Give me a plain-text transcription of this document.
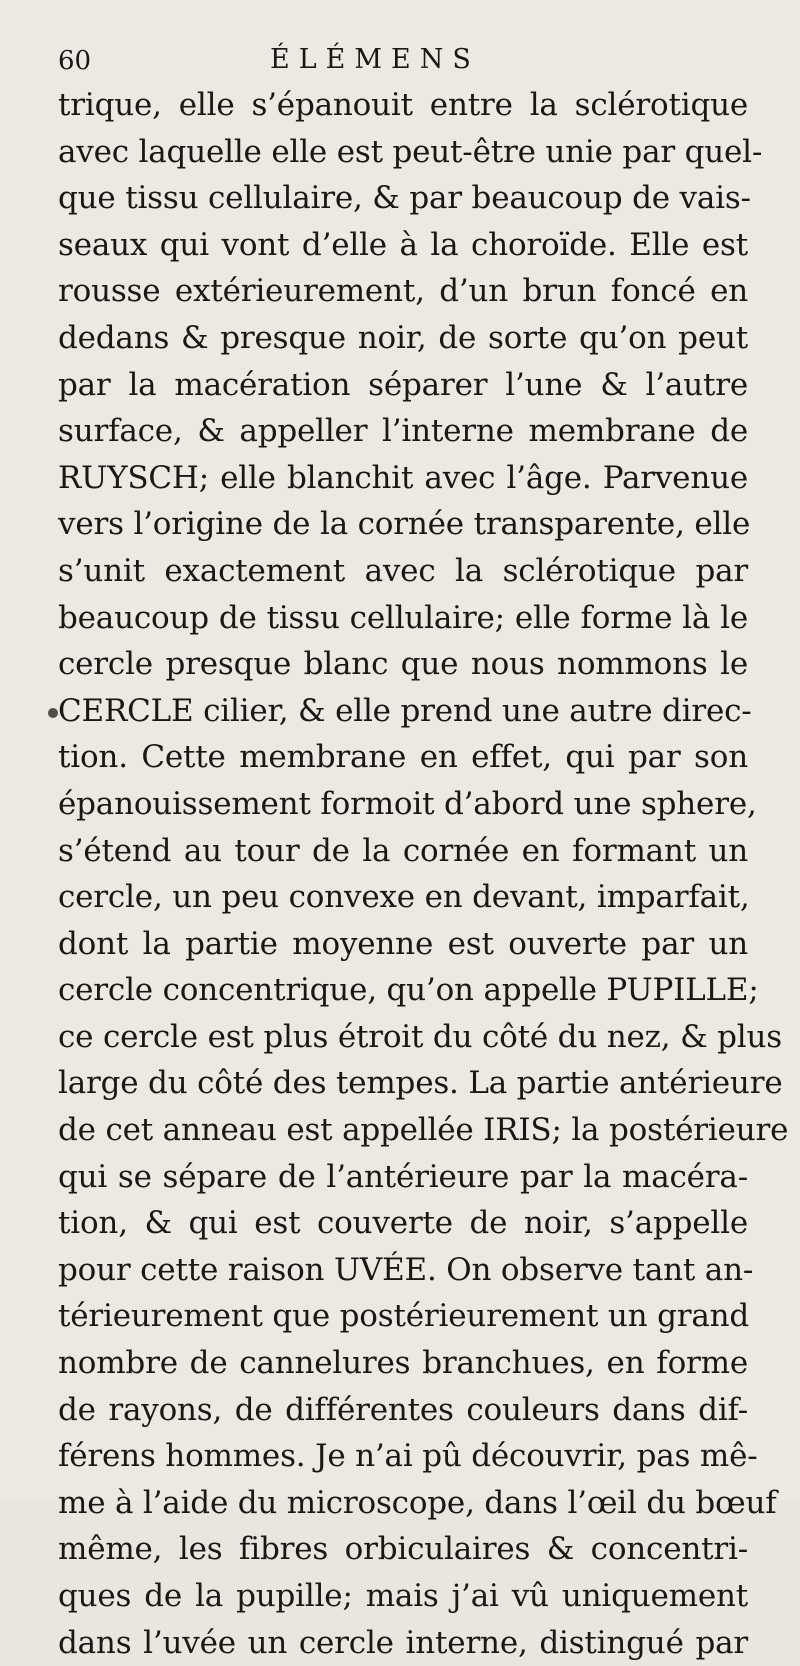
60	ÉLÉMENS
trique, elle s’épanouit entre la sclérotique
avec laquelle elle est peut-être unie par quel-
que tissu cellulaire, & par beaucoup de vais-
seaux qui vont d’elle à la choroïde. Elle est
rousse extérieurement, d’un brun foncé en
dedans & presque noir, de sorte qu’on peut
par la macération séparer l’une & l’autre
surface, & appeller l’interne membrane de
RUYSCH; elle blanchit avec l’âge. Parvenue
vers l’origine de la cornée transparente, elle
s’unit exactement avec la sclérotique par
beaucoup de tissu cellulaire; elle forme là le
cercle presque blanc que nous nommons le
CERCLE cilier, & elle prend une autre direc-
tion. Cette membrane en effet, qui par son
épanouissement formoit d’abord une sphere,
s’étend au tour de la cornée en formant un
cercle, un peu convexe en devant, imparfait,
dont la partie moyenne est ouverte par un
cercle concentrique, qu’on appelle PUPILLE;
ce cercle est plus étroit du côté du nez, & plus
large du côté des tempes. La partie antérieure
de cet anneau est appellée IRIS; la postérieure
qui se sépare de l’antérieure par la macéra-
tion, & qui est couverte de noir, s’appelle
pour cette raison UVÉE. On observe tant an-
térieurement que postérieurement un grand
nombre de cannelures branchues, en forme
de rayons, de différentes couleurs dans dif-
férens hommes. Je n’ai pû découvrir, pas mê-
me à l’aide du microscope, dans l’œil du bœuf
même, les fibres orbiculaires & concentri-
ques de la pupille; mais j’ai vû uniquement
dans l’uvée un cercle interne, distingué par
